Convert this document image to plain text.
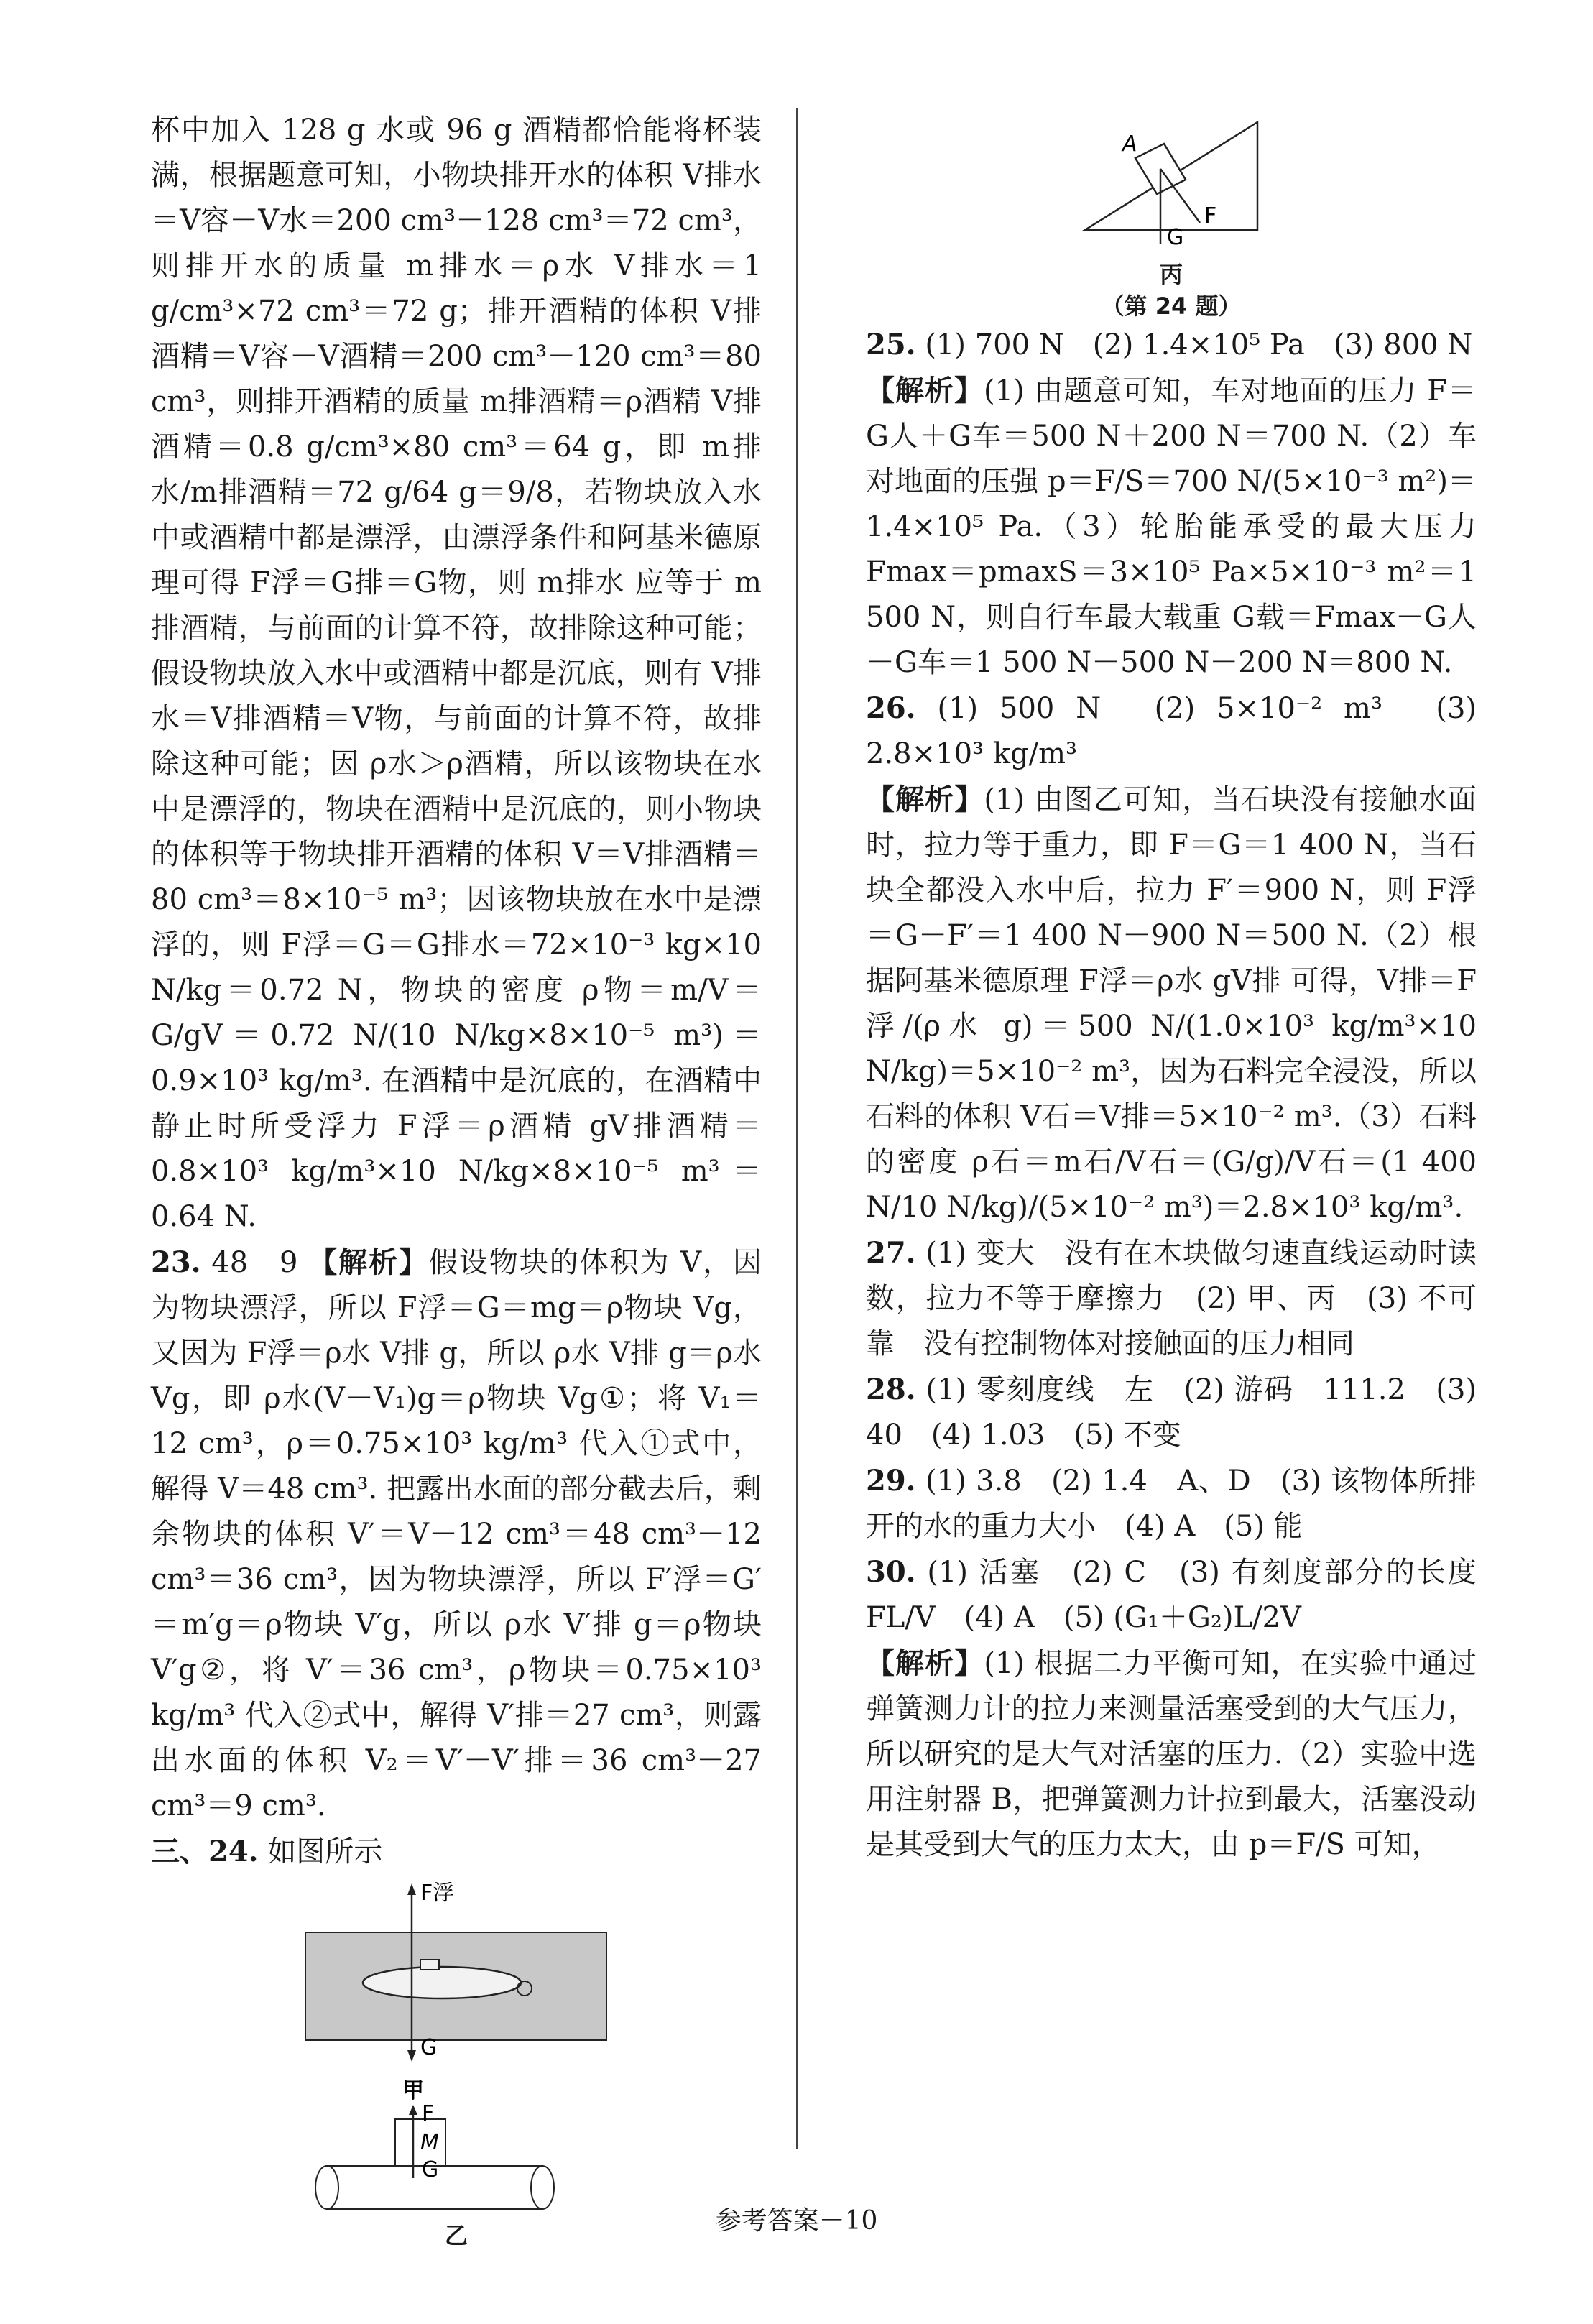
杯中加入 128 g 水或 96 g 酒精都恰能将杯装满，根据题意可知，小物块排开水的体积 V排水＝V容－V水＝200 cm³－128 cm³＝72 cm³，则排开水的质量 m排水＝ρ水 V排水＝1 g/cm³×72 cm³＝72 g；排开酒精的体积 V排酒精＝V容－V酒精＝200 cm³－120 cm³＝80 cm³，则排开酒精的质量 m排酒精＝ρ酒精 V排酒精＝0.8 g/cm³×80 cm³＝64 g，即 m排水/m排酒精＝72 g/64 g＝9/8，若物块放入水中或酒精中都是漂浮，由漂浮条件和阿基米德原理可得 F浮＝G排＝G物，则 m排水 应等于 m排酒精，与前面的计算不符，故排除这种可能；假设物块放入水中或酒精中都是沉底，则有 V排水＝V排酒精＝V物，与前面的计算不符，故排除这种可能；因 ρ水＞ρ酒精，所以该物块在水中是漂浮的，物块在酒精中是沉底的，则小物块的体积等于物块排开酒精的体积 V＝V排酒精＝80 cm³＝8×10⁻⁵ m³；因该物块放在水中是漂浮的，则 F浮＝G＝G排水＝72×10⁻³ kg×10 N/kg＝0.72 N，物块的密度 ρ物＝m/V＝G/gV＝0.72 N/(10 N/kg×8×10⁻⁵ m³)＝0.9×10³ kg/m³. 在酒精中是沉底的，在酒精中静止时所受浮力 F浮＝ρ酒精 gV排酒精＝0.8×10³ kg/m³×10 N/kg×8×10⁻⁵ m³＝0.64 N.

23. 48　9 【解析】假设物块的体积为 V，因为物块漂浮，所以 F浮＝G＝mg＝ρ物块 Vg，又因为 F浮＝ρ水 V排 g，所以 ρ水 V排 g＝ρ水 Vg，即 ρ水(V－V₁)g＝ρ物块 Vg①；将 V₁＝12 cm³，ρ＝0.75×10³ kg/m³ 代入①式中，解得 V＝48 cm³. 把露出水面的部分截去后，剩余物块的体积 V′＝V－12 cm³＝48 cm³－12 cm³＝36 cm³，因为物块漂浮，所以 F′浮＝G′＝m′g＝ρ物块 V′g，所以 ρ水 V′排 g＝ρ物块 V′g②，将 V′＝36 cm³，ρ物块＝0.75×10³ kg/m³ 代入②式中，解得 V′排＝27 cm³，则露出水面的体积 V₂＝V′－V′排＝36 cm³－27 cm³＝9 cm³.

三、24. 如图所示

F浮
G
甲
M
F
G
乙
A
G
F
丙
（第 24 题）

25. (1) 700 N　(2) 1.4×10⁵ Pa　(3) 800 N

【解析】(1) 由题意可知，车对地面的压力 F＝G人＋G车＝500 N＋200 N＝700 N.（2）车对地面的压强 p＝F/S＝700 N/(5×10⁻³ m²)＝1.4×10⁵ Pa.（3）轮胎能承受的最大压力 Fmax＝pmaxS＝3×10⁵ Pa×5×10⁻³ m²＝1 500 N，则自行车最大载重 G载＝Fmax－G人－G车＝1 500 N－500 N－200 N＝800 N.

26. (1) 500 N　(2) 5×10⁻² m³　(3) 2.8×10³ kg/m³

【解析】(1) 由图乙可知，当石块没有接触水面时，拉力等于重力，即 F＝G＝1 400 N，当石块全都没入水中后，拉力 F′＝900 N，则 F浮＝G－F′＝1 400 N－900 N＝500 N.（2）根据阿基米德原理 F浮＝ρ水 gV排 可得，V排＝F浮/(ρ水 g)＝500 N/(1.0×10³ kg/m³×10 N/kg)＝5×10⁻² m³，因为石料完全浸没，所以石料的体积 V石＝V排＝5×10⁻² m³.（3）石料的密度 ρ石＝m石/V石＝(G/g)/V石＝(1 400 N/10 N/kg)/(5×10⁻² m³)＝2.8×10³ kg/m³.

27. (1) 变大　没有在木块做匀速直线运动时读数，拉力不等于摩擦力　(2) 甲、丙　(3) 不可靠　没有控制物体对接触面的压力相同

28. (1) 零刻度线　左　(2) 游码　111.2　(3) 40　(4) 1.03　(5) 不变

29. (1) 3.8　(2) 1.4　A、D　(3) 该物体所排开的水的重力大小　(4) A　(5) 能

30. (1) 活塞　(2) C　(3) 有刻度部分的长度　FL/V　(4) A　(5) (G₁＋G₂)L/2V

【解析】(1) 根据二力平衡可知，在实验中通过弹簧测力计的拉力来测量活塞受到的大气压力，所以研究的是大气对活塞的压力.（2）实验中选用注射器 B，把弹簧测力计拉到最大，活塞没动是其受到大气的压力太大，由 p＝F/S 可知，

参考答案－10
